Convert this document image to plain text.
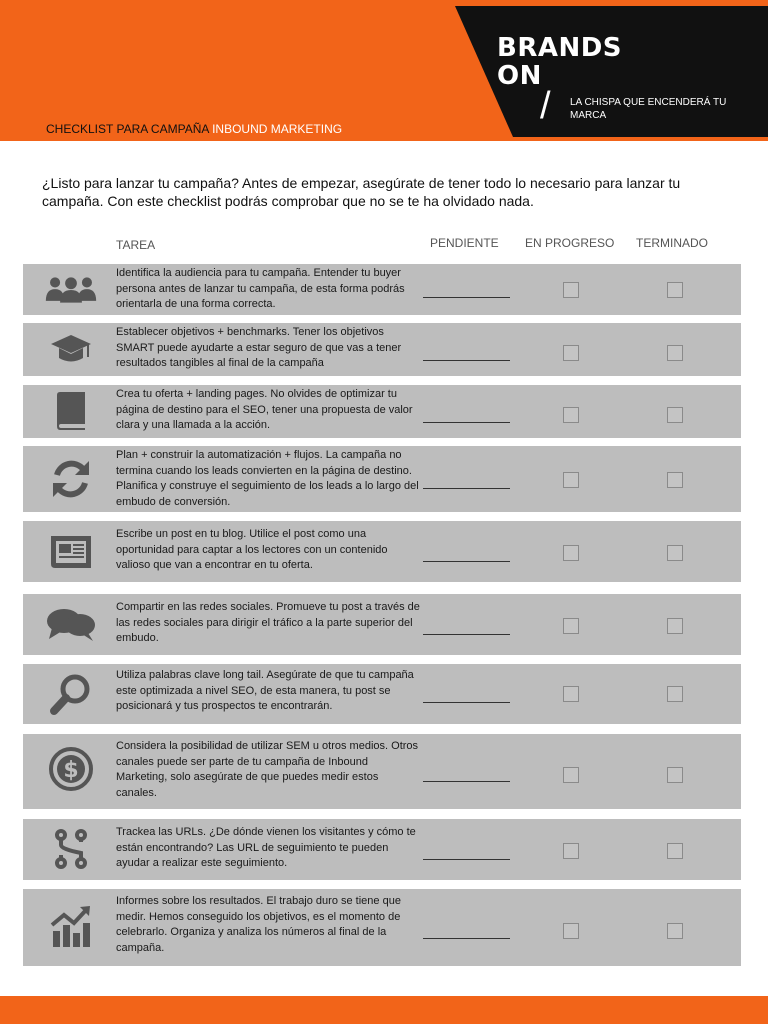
BRANDS
ON
/ LA CHISPA QUE ENCENDERÁ TU MARCA
CHECKLIST PARA CAMPAÑA INBOUND MARKETING

¿Listo para lanzar tu campaña? Antes de empezar, asegúrate de tener todo lo necesario para lanzar tu campaña. Con este checklist podrás comprobar que no se te ha olvidado nada.

TAREA	PENDIENTE EN PROGRESO TERMINADO
Identifica la audiencia para tu campaña. Entender tu buyer persona antes de lanzar tu campaña, de esta forma podrás orientarla de una forma correcta.
Establecer objetivos + benchmarks. Tener los objetivos SMART puede ayudarte a estar seguro de que vas a tener resultados tangibles al final de la campaña
Crea tu oferta + landing pages. No olvides de optimizar tu página de destino para el SEO, tener una propuesta de valor clara y una llamada a la acción.
Plan + construir la automatización + flujos. La campaña no termina cuando los leads convierten en la página de destino. Planifica y construye el seguimiento de los leads a lo largo del embudo de conversión.
Escribe un post en tu blog. Utilice el post como una oportunidad para captar a los lectores con un contenido valioso que van a encontrar en tu oferta.
Compartir en las redes sociales. Promueve tu post a través de las redes sociales para dirigir el tráfico a la parte superior del embudo.
Utiliza palabras clave long tail. Asegúrate de que tu campaña este optimizada a nivel SEO, de esta manera, tu post se posicionará y tus prospectos te encontrarán.
$
Considera la posibilidad de utilizar SEM u otros medios. Otros canales puede ser parte de tu campaña de Inbound Marketing, solo asegúrate de que puedes medir estos canales.
Trackea las URLs. ¿De dónde vienen los visitantes y cómo te están encontrando? Las URL de seguimiento te pueden ayudar a realizar este seguimiento.
Informes sobre los resultados. El trabajo duro se tiene que medir. Hemos conseguido los objetivos, es el momento de celebrarlo. Organiza y analiza los números al final de la campaña.
